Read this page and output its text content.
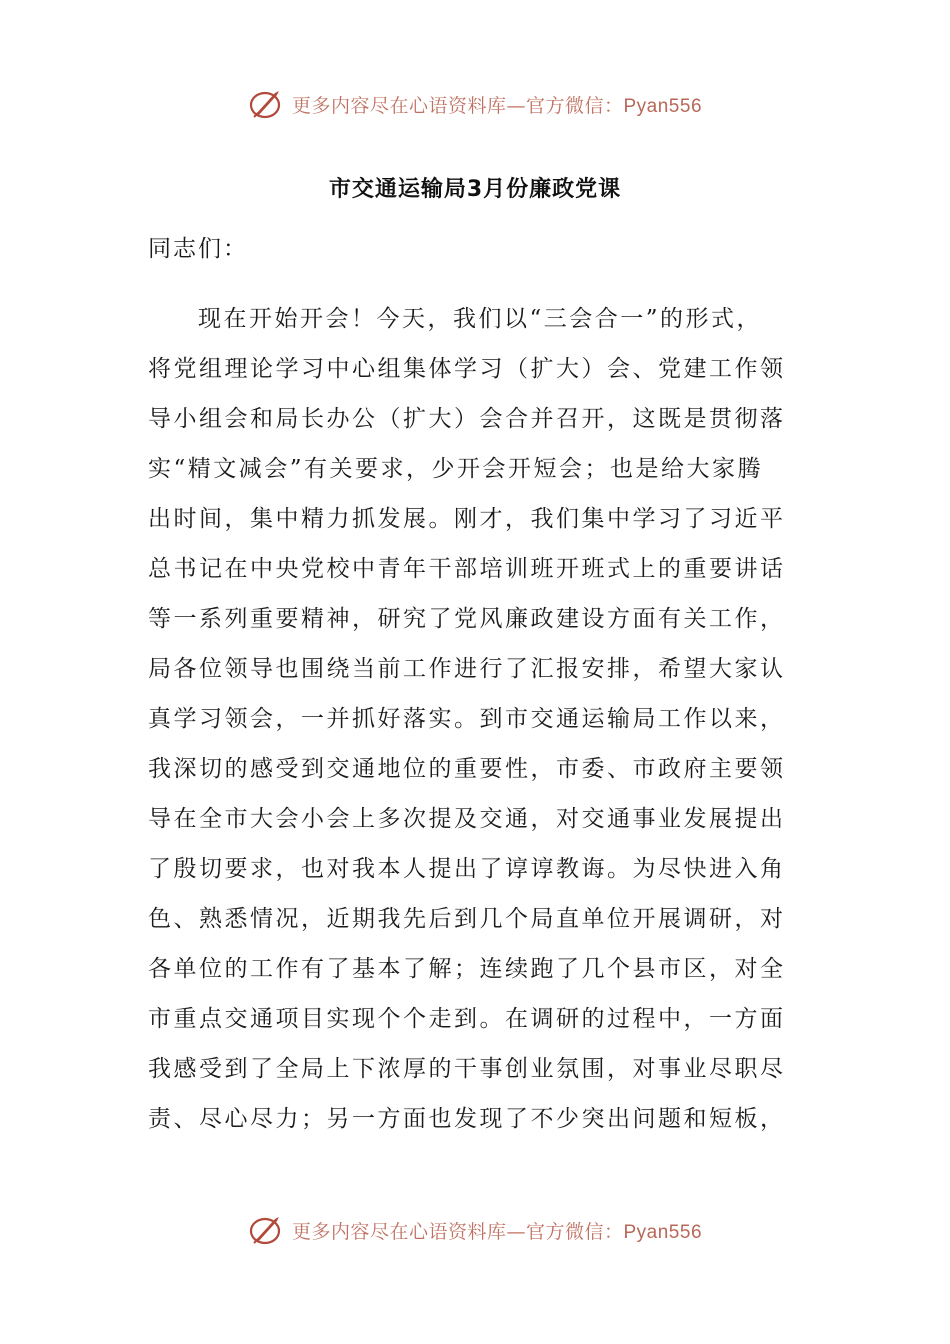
更多内容尽在心语资料库—官方微信：Pyan556
市交通运输局3月份廉政党课
同志们：
现在开始开会！今天，我们以“三会合一”的形式，
将党组理论学习中心组集体学习（扩大）会、党建工作领
导小组会和局长办公（扩大）会合并召开，这既是贯彻落
实“精文减会”有关要求，少开会开短会；也是给大家腾
出时间，集中精力抓发展。刚才，我们集中学习了习近平
总书记在中央党校中青年干部培训班开班式上的重要讲话
等一系列重要精神，研究了党风廉政建设方面有关工作，
局各位领导也围绕当前工作进行了汇报安排，希望大家认
真学习领会，一并抓好落实。到市交通运输局工作以来，
我深切的感受到交通地位的重要性，市委、市政府主要领
导在全市大会小会上多次提及交通，对交通事业发展提出
了殷切要求，也对我本人提出了谆谆教诲。为尽快进入角
色、熟悉情况，近期我先后到几个局直单位开展调研，对
各单位的工作有了基本了解；连续跑了几个县市区，对全
市重点交通项目实现个个走到。在调研的过程中，一方面
我感受到了全局上下浓厚的干事创业氛围，对事业尽职尽
责、尽心尽力；另一方面也发现了不少突出问题和短板，
更多内容尽在心语资料库—官方微信：Pyan556
